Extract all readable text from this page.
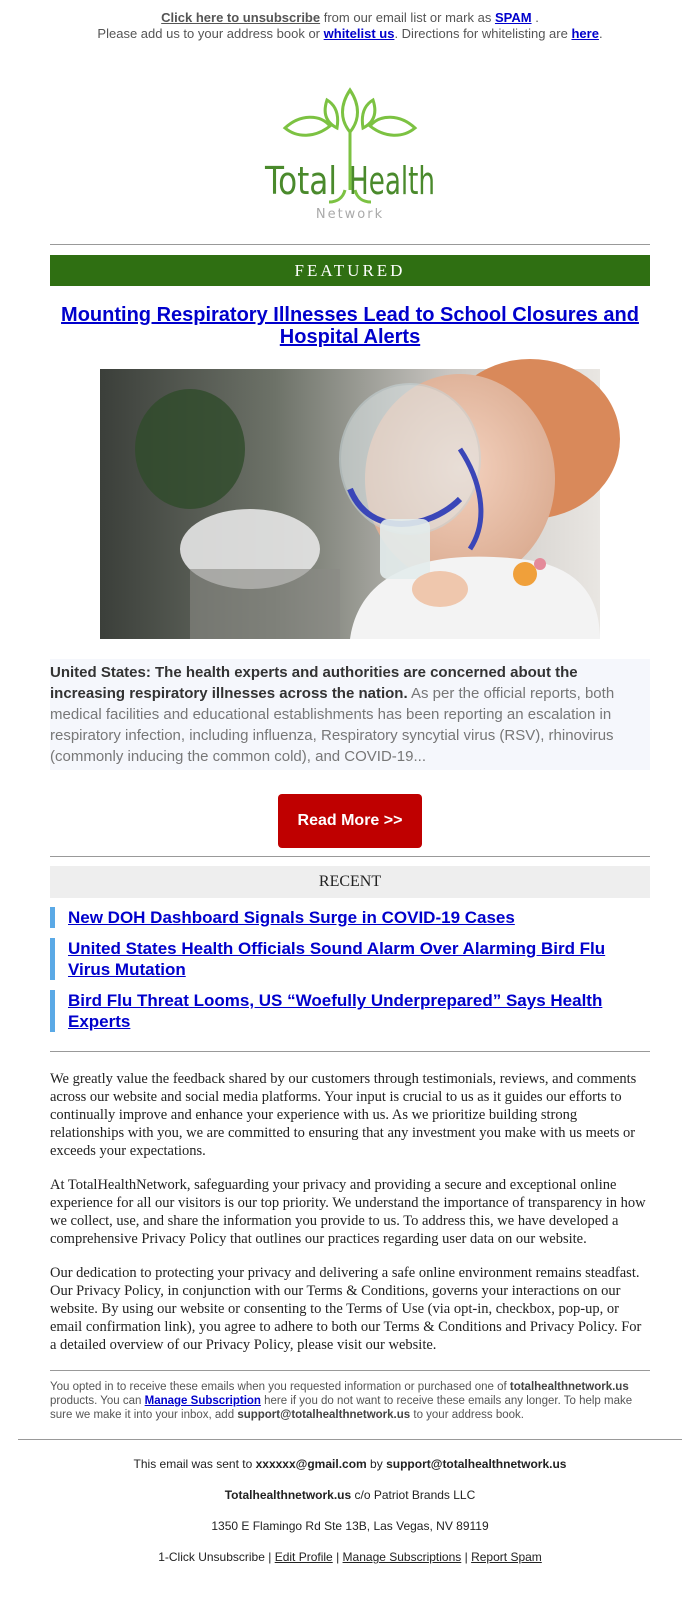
Click here to unsubscribe from our email list or mark as SPAM .
Please add us to your address book or whitelist us. Directions for whitelisting are here.
Total Health
Network
FEATURED
Mounting Respiratory Illnesses Lead to School Closures and Hospital Alerts
United States: The health experts and authorities are concerned about the increasing respiratory illnesses across the nation. As per the official reports, both medical facilities and educational establishments has been reporting an escalation in respiratory infection, including influenza, Respiratory syncytial virus (RSV), rhinovirus (commonly inducing the common cold), and COVID-19...
Read More >>
RECENT
New DOH Dashboard Signals Surge in COVID-19 Cases
United States Health Officials Sound Alarm Over Alarming Bird Flu Virus Mutation
Bird Flu Threat Looms, US “Woefully Underprepared” Says Health Experts

We greatly value the feedback shared by our customers through testimonials, reviews, and comments across our website and social media platforms. Your input is crucial to us as it guides our efforts to continually improve and enhance your experience with us. As we prioritize building strong relationships with you, we are committed to ensuring that any investment you make with us meets or exceeds your expectations.

At TotalHealthNetwork, safeguarding your privacy and providing a secure and exceptional online experience for all our visitors is our top priority. We understand the importance of transparency in how we collect, use, and share the information you provide to us. To address this, we have developed a comprehensive Privacy Policy that outlines our practices regarding user data on our website.

Our dedication to protecting your privacy and delivering a safe online environment remains steadfast. Our Privacy Policy, in conjunction with our Terms & Conditions, governs your interactions on our website. By using our website or consenting to the Terms of Use (via opt-in, checkbox, pop-up, or email confirmation link), you agree to adhere to both our Terms & Conditions and Privacy Policy. For a detailed overview of our Privacy Policy, please visit our website.

You opted in to receive these emails when you requested information or purchased one of totalhealthnetwork.us products. You can Manage Subscription here if you do not want to receive these emails any longer. To help make sure we make it into your inbox, add support@totalhealthnetwork.us to your address book.

This email was sent to xxxxxx@gmail.com by support@totalhealthnetwork.us

Totalhealthnetwork.us c/o Patriot Brands LLC

1350 E Flamingo Rd Ste 13B, Las Vegas, NV 89119

1-Click Unsubscribe | Edit Profile | Manage Subscriptions | Report Spam
